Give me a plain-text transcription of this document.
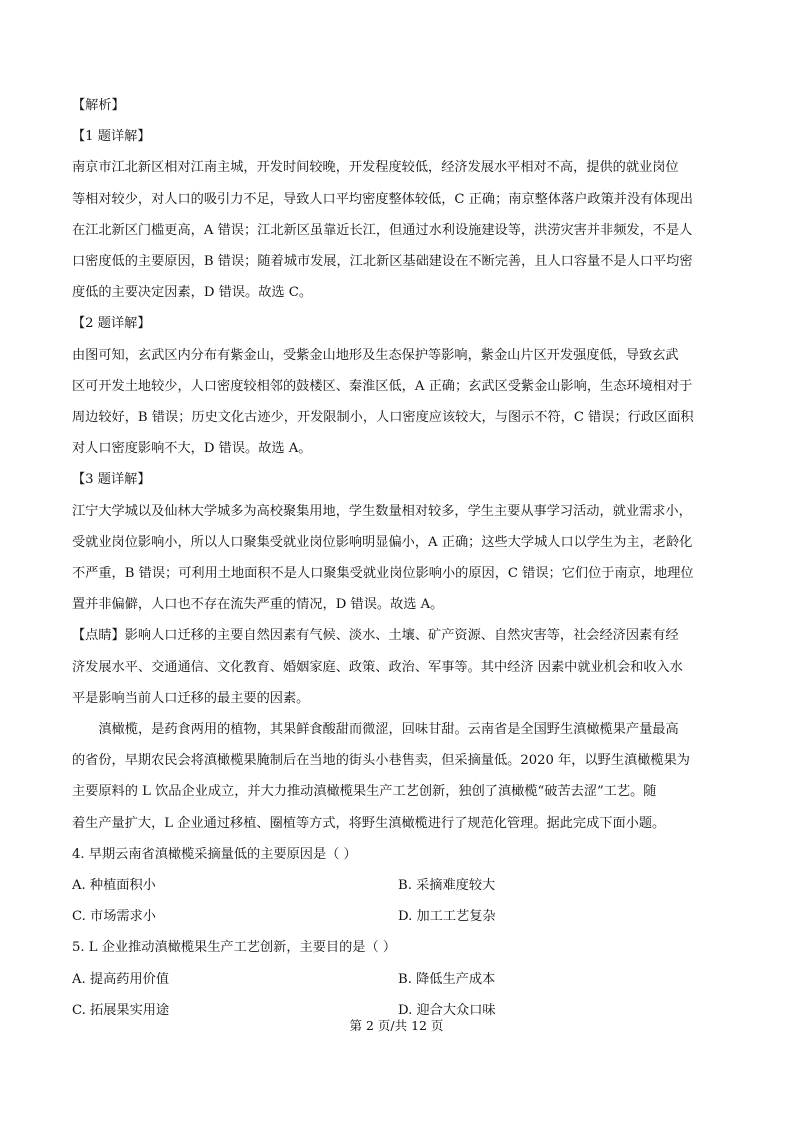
【解析】

【1 题详解】

南京市江北新区相对江南主城，开发时间较晚，开发程度较低，经济发展水平相对不高，提供的就业岗位

等相对较少，对人口的吸引力不足，导致人口平均密度整体较低，C 正确；南京整体落户政策并没有体现出

在江北新区门槛更高，A 错误；江北新区虽靠近长江，但通过水利设施建设等，洪涝灾害并非频发，不是人

口密度低的主要原因，B 错误；随着城市发展，江北新区基础建设在不断完善，且人口容量不是人口平均密

度低的主要决定因素，D 错误。故选 C。

【2 题详解】

由图可知，玄武区内分布有紫金山，受紫金山地形及生态保护等影响，紫金山片区开发强度低，导致玄武

区可开发土地较少，人口密度较相邻的鼓楼区、秦淮区低，A 正确；玄武区受紫金山影响，生态环境相对于

周边较好，B 错误；历史文化古迹少，开发限制小，人口密度应该较大，与图示不符，C 错误；行政区面积

对人口密度影响不大，D 错误。故选 A。

【3 题详解】

江宁大学城以及仙林大学城多为高校聚集用地，学生数量相对较多，学生主要从事学习活动，就业需求小，

受就业岗位影响小，所以人口聚集受就业岗位影响明显偏小，A 正确；这些大学城人口以学生为主，老龄化

不严重，B 错误；可利用土地面积不是人口聚集受就业岗位影响小的原因，C 错误；它们位于南京，地理位

置并非偏僻，人口也不存在流失严重的情况，D 错误。故选 A。

【点睛】影响人口迁移的主要自然因素有气候、淡水、土壤、矿产资源、自然灾害等，社会经济因素有经

济发展水平、交通通信、文化教育、婚姻家庭、政策、政治、军事等。其中经济 因素中就业机会和收入水

平是影响当前人口迁移的最主要的因素。

滇橄榄，是药食两用的植物，其果鲜食酸甜而微涩，回味甘甜。云南省是全国野生滇橄榄果产量最高

的省份，早期农民会将滇橄榄果腌制后在当地的街头小巷售卖，但采摘量低。2020 年，以野生滇橄榄果为

主要原料的 L 饮品企业成立，并大力推动滇橄榄果生产工艺创新，独创了滇橄榄“破苦去涩”工艺。随

着生产量扩大，L 企业通过移植、圈植等方式，将野生滇橄榄进行了规范化管理。据此完成下面小题。

4. 早期云南省滇橄榄采摘量低的主要原因是（ ）

A. 种植面积小	B. 采摘难度较大
C. 市场需求小	D. 加工工艺复杂

5. L 企业推动滇橄榄果生产工艺创新，主要目的是（ ）

A. 提高药用价值	B. 降低生产成本
C. 拓展果实用途	D. 迎合大众口味
第 2 页/共 12 页
